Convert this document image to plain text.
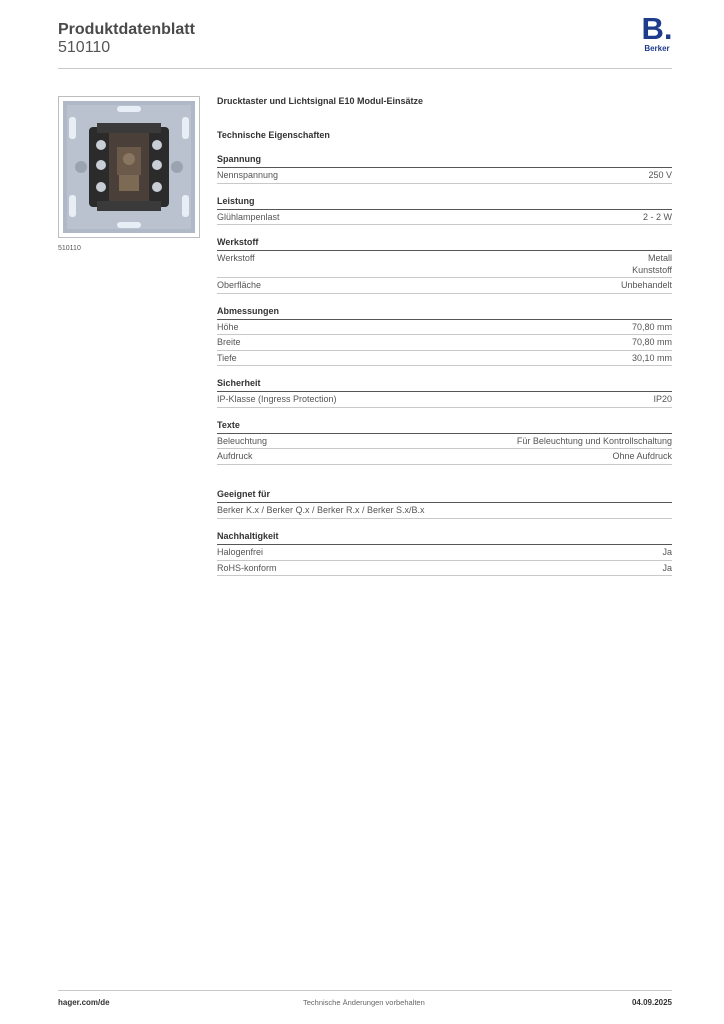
Produktdatenblatt
510110
B.
Berker
510110
Drucktaster und Lichtsignal E10 Modul-Einsätze
Technische Eigenschaften
Spannung
Nennspannung	250 V
Leistung
Glühlampenlast	2 - 2 W
Werkstoff
Werkstoff	Metall
Kunststoff
Oberfläche	Unbehandelt
Abmessungen
Höhe	70,80 mm
Breite	70,80 mm
Tiefe	30,10 mm
Sicherheit
IP-Klasse (Ingress Protection)	IP20
Texte
Beleuchtung	Für Beleuchtung und Kontrollschaltung
Aufdruck	Ohne Aufdruck
Geeignet für
Berker K.x / Berker Q.x / Berker R.x / Berker S.x/B.x
Nachhaltigkeit
Halogenfrei	Ja
RoHS-konform	Ja
hager.com/de	Technische Änderungen vorbehalten	04.09.2025
